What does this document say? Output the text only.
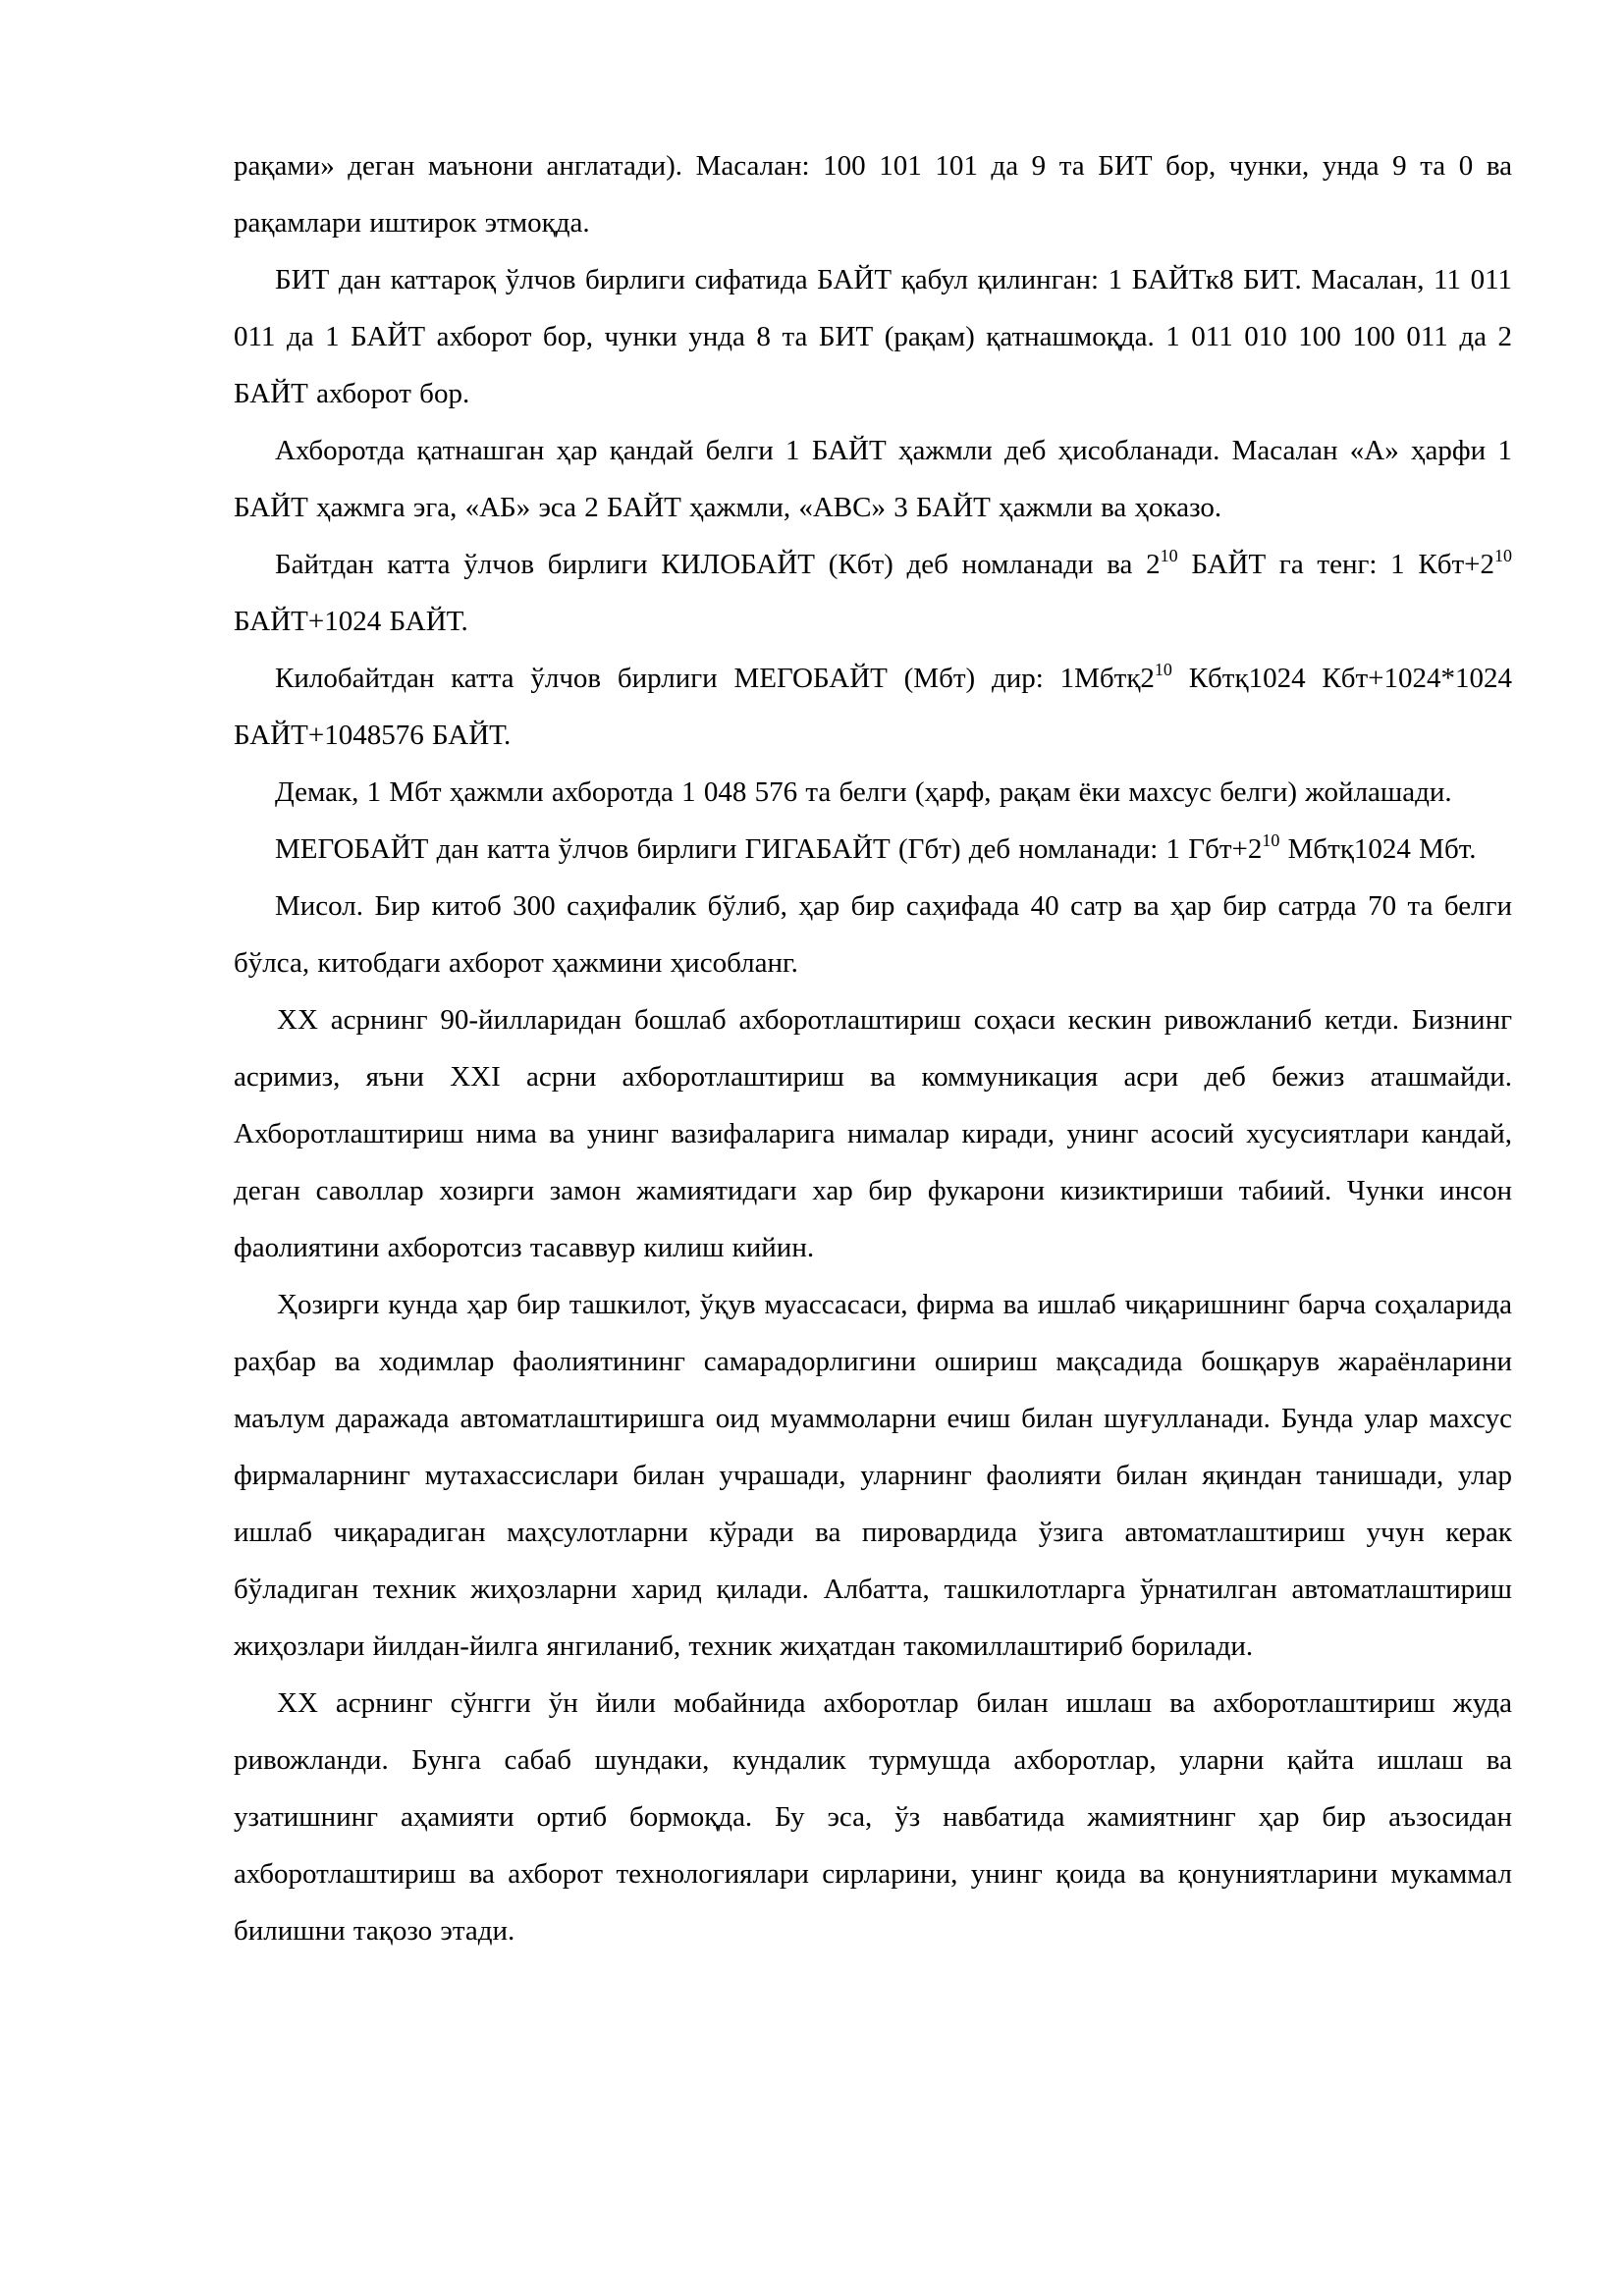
рақами» деган маънони англатади). Масалан: 100 101 101 да 9 та БИТ бор, чунки, унда 9 та 0 ва рақамлари иштирок этмоқда.

БИТ дан каттароқ ўлчов бирлиги сифатида БАЙТ қабул қилинган: 1 БАЙТк8 БИТ. Масалан, 11 011 011 да 1 БАЙТ ахборот бор, чунки унда 8 та БИТ (рақам) қатнашмоқда. 1 011 010 100 100 011 да 2 БАЙТ ахборот бор.

Ахборотда қатнашган ҳар қандай белги 1 БАЙТ ҳажмли деб ҳисобланади. Масалан «А» ҳарфи 1 БАЙТ ҳажмга эга, «АБ» эса 2 БАЙТ ҳажмли, «АВС» 3 БАЙТ ҳажмли ва ҳоказо.

Байтдан катта ўлчов бирлиги КИЛОБАЙТ (Кбт) деб номланади ва $2^{10}$ БАЙТ га тенг: 1 $Кбт+2^{10}$ БАЙТ+1024 БАЙТ.

Килобайтдан катта ўлчов бирлиги МЕГОБАЙТ (Мбт) дир: $1Мбтқ2^{10}$ Кбтқ1024 Кбт+1024*1024 БАЙТ+1048576 БАЙТ.

Демак, 1 Мбт ҳажмли ахборотда 1 048 576 та белги (ҳарф, рақам ёки махсус белги) жойлашади.

МЕГОБАЙТ дан катта ўлчов бирлиги ГИГАБАЙТ (Гбт) деб номланади: 1 $Гбт+2^{10}$ Мбтқ1024 Мбт.

Мисол. Бир китоб 300 саҳифалик бўлиб, ҳар бир саҳифада 40 сатр ва ҳар бир сатрда 70 та белги бўлса, китобдаги ахборот ҳажмини ҳисобланг.

XX асрнинг 90-йилларидан бошлаб ахборотлаштириш соҳаси кескин ривожланиб кетди. Бизнинг асримиз, яъни XXI асрни ахборотлаштириш ва коммуникация асри деб бежиз аташмайди. Ахборотлаштириш нима ва унинг вазифаларига нималар киради, унинг асосий хусусиятлари кандай, деган саволлар хозирги замон жамиятидаги хар бир фукарони кизиктириши табиий. Чунки инсон фаолиятини ахборотсиз тасаввур килиш кийин.

Ҳозирги кунда ҳар бир ташкилот, ўқув муассасаси, фирма ва ишлаб чиқаришнинг барча соҳаларида раҳбар ва ходимлар фаолиятининг самарадорлигини ошириш мақсадида бошқарув жараёнларини маълум даражада автоматлаштиришга оид муаммоларни ечиш билан шуғулланади. Бунда улар махсус фирмаларнинг мутахассислари билан учрашади, уларнинг фаолияти билан яқиндан танишади, улар ишлаб чиқарадиган маҳсулотларни кўради ва пировардида ўзига автоматлаштириш учун керак бўладиган техник жиҳозларни харид қилади. Албатта, ташкилотларга ўрнатилган автоматлаштириш жиҳозлари йилдан-йилга янгиланиб, техник жиҳатдан такомиллаштириб борилади.

XX асрнинг сўнгги ўн йили мобайнида ахборотлар билан ишлаш ва ахборотлаштириш жуда ривожланди. Бунга сабаб шундаки, кундалик турмушда ахборотлар, уларни қайта ишлаш ва узатишнинг аҳамияти ортиб бормоқда. Бу эса, ўз навбатида жамиятнинг ҳар бир аъзосидан ахборотлаштириш ва ахборот технологиялари сирларини, унинг қоида ва қонуниятларини мукаммал билишни тақозо этади.
